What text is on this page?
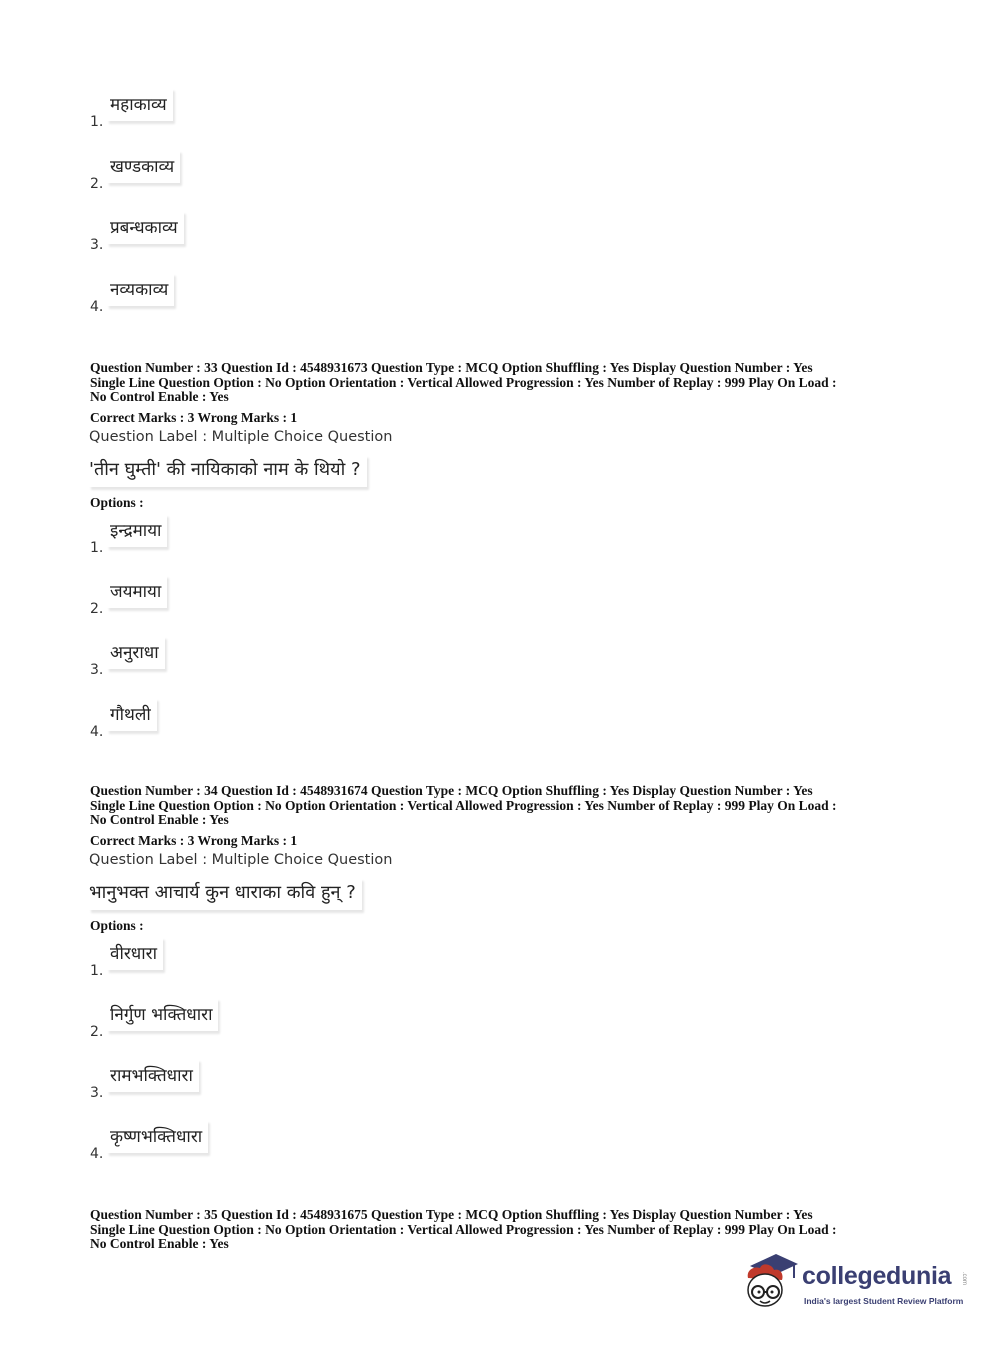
1.
महाकाव्य
2.
खण्डकाव्य
3.
प्रबन्धकाव्य
4.
नव्यकाव्य
Question Number : 33 Question Id : 4548931673 Question Type : MCQ Option Shuffling : Yes Display Question Number : Yes
Single Line Question Option : No Option Orientation : Vertical Allowed Progression : Yes Number of Replay : 999 Play On Load :
No Control Enable : Yes
Correct Marks : 3 Wrong Marks : 1
Question Label : Multiple Choice Question
'तीन घुम्ती' की नायिकाको नाम के थियो ?
Options :
1.
इन्द्रमाया
2.
जयमाया
3.
अनुराधा
4.
गौथली
Question Number : 34 Question Id : 4548931674 Question Type : MCQ Option Shuffling : Yes Display Question Number : Yes
Single Line Question Option : No Option Orientation : Vertical Allowed Progression : Yes Number of Replay : 999 Play On Load :
No Control Enable : Yes
Correct Marks : 3 Wrong Marks : 1
Question Label : Multiple Choice Question
भानुभक्त आचार्य कुन धाराका कवि हुन् ?
Options :
1.
वीरधारा
2.
निर्गुण भक्तिधारा
3.
रामभक्तिधारा
4.
कृष्णभक्तिधारा
Question Number : 35 Question Id : 4548931675 Question Type : MCQ Option Shuffling : Yes Display Question Number : Yes
Single Line Question Option : No Option Orientation : Vertical Allowed Progression : Yes Number of Replay : 999 Play On Load :
No Control Enable : Yes
collegedunia .com
India's largest Student Review Platform
